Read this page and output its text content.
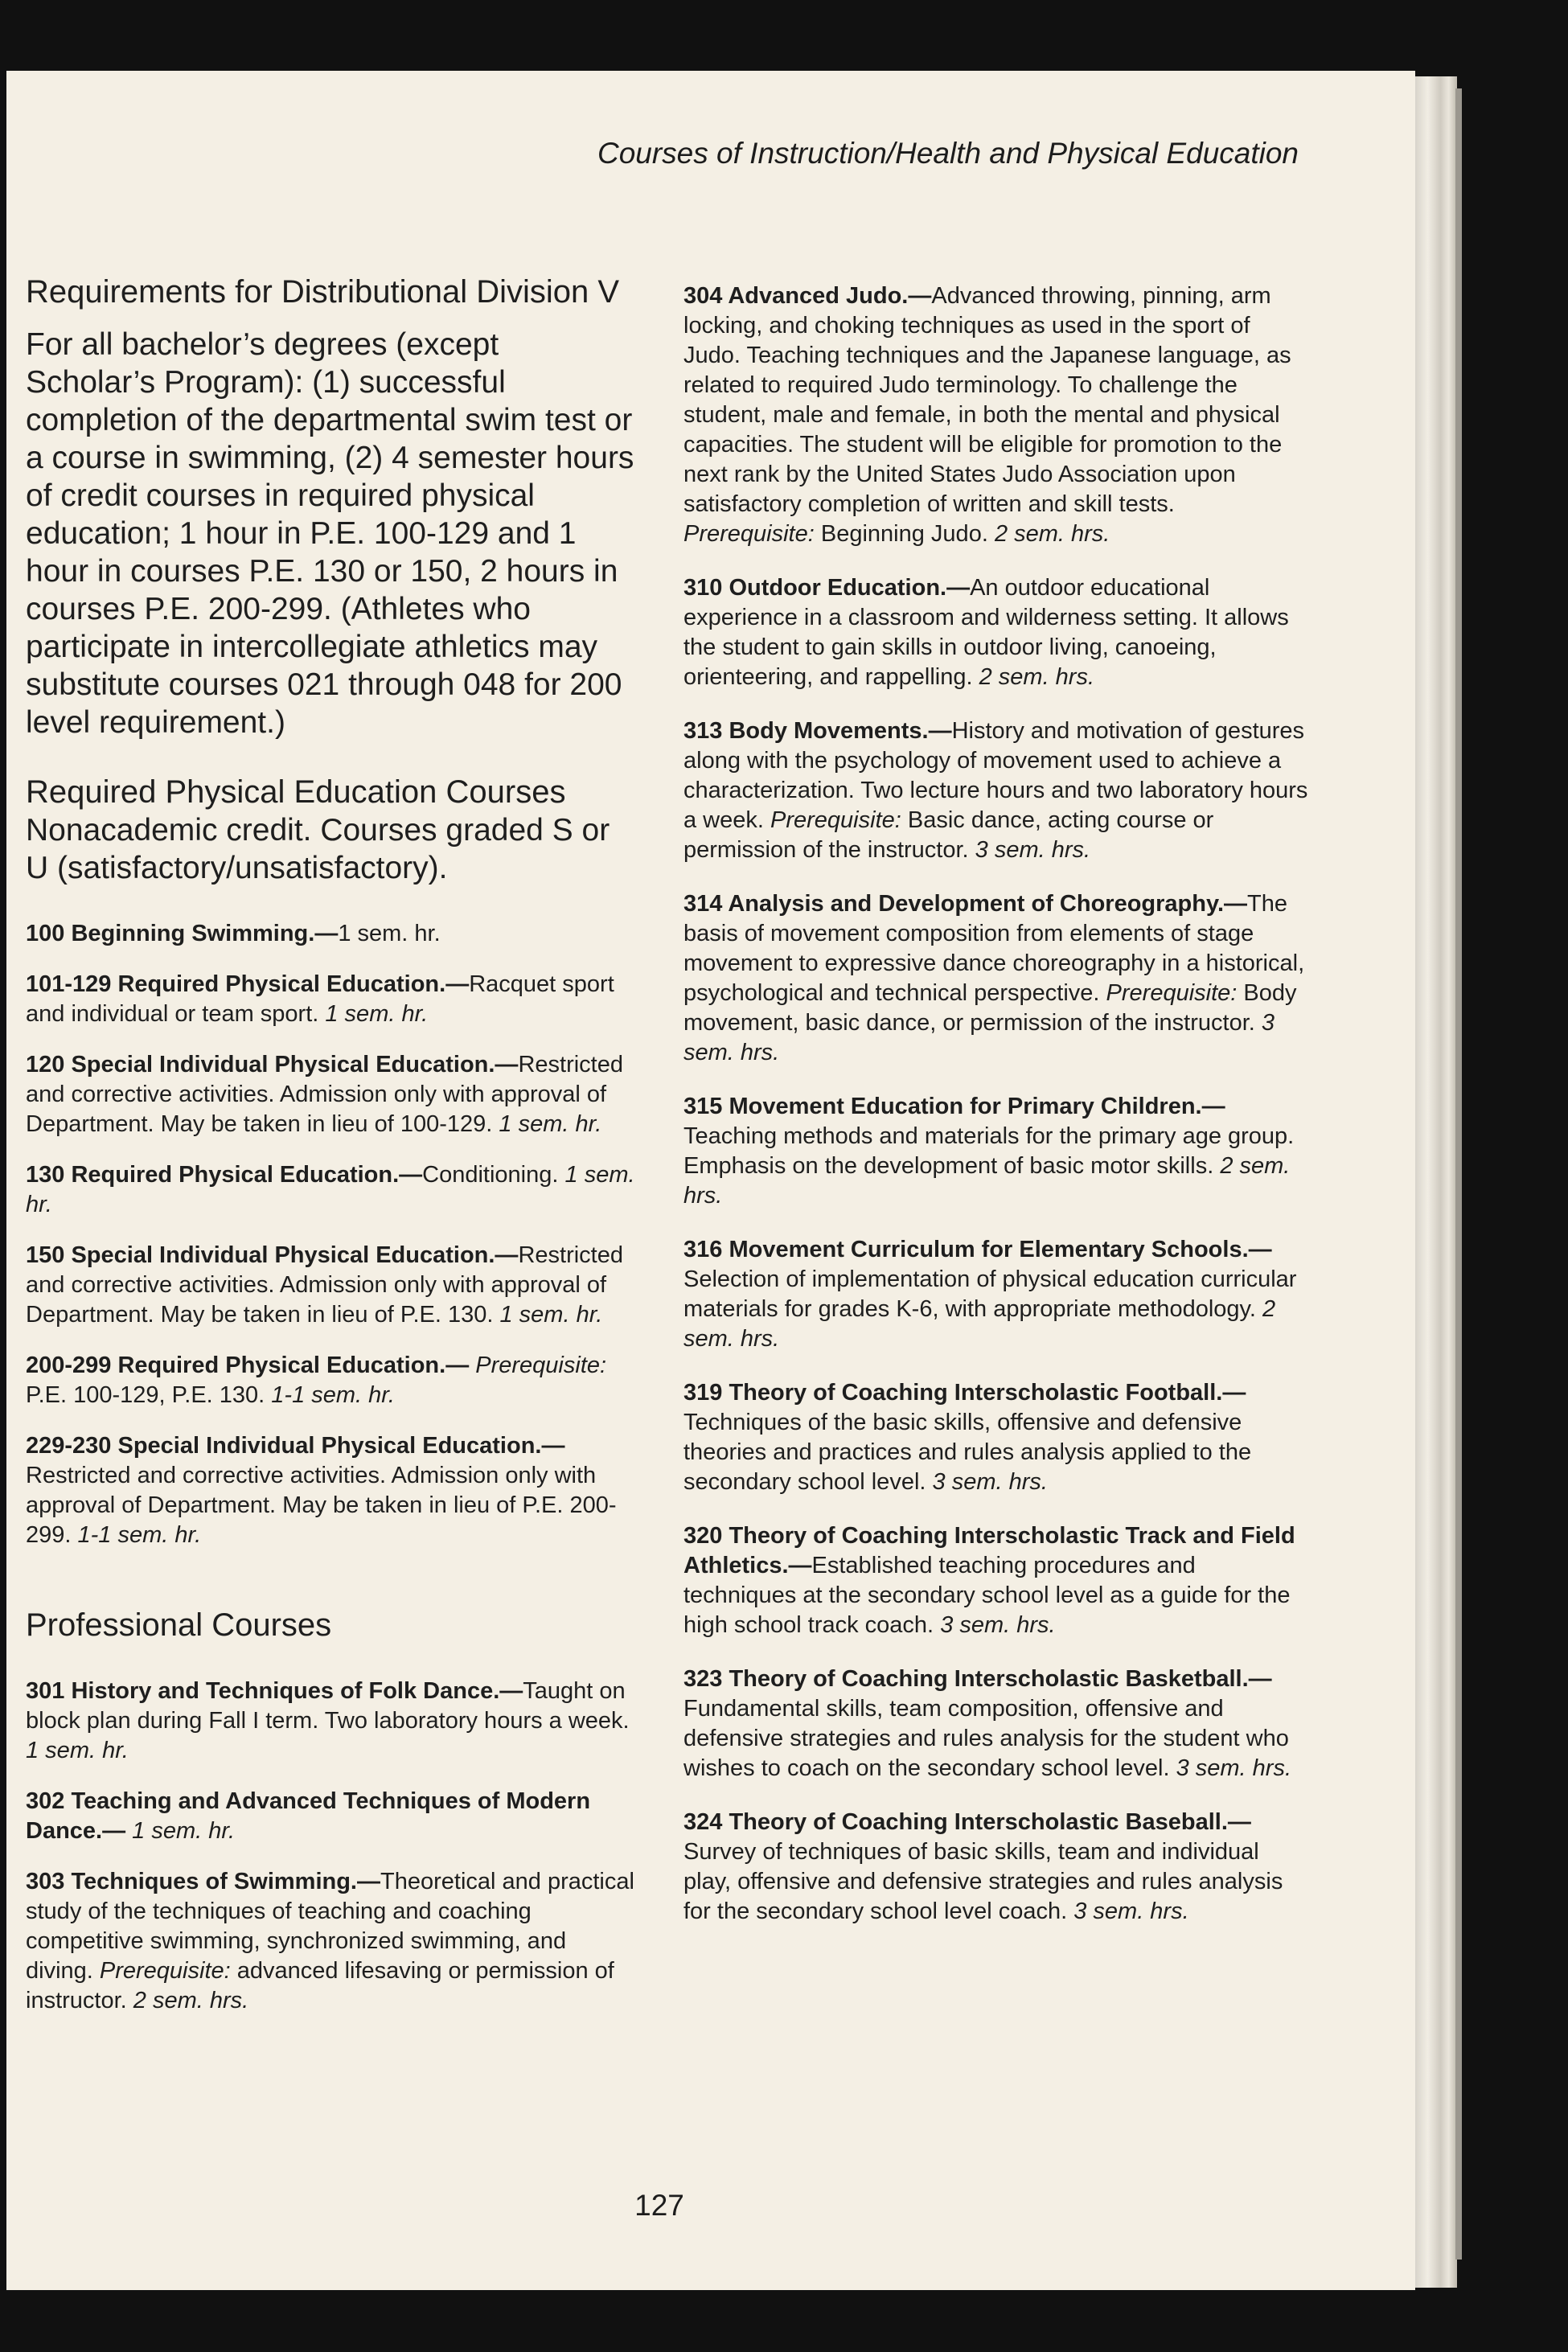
Courses of Instruction/Health and Physical Education
Requirements for Distributional Division V

For all bachelor’s degrees (except Scholar’s Program): (1) successful completion of the departmental swim test or a course in swimming, (2) 4 semester hours of credit courses in required physical education; 1 hour in P.E. 100-129 and 1 hour in courses P.E. 130 or 150, 2 hours in courses P.E. 200-299. (Athletes who participate in intercollegiate athletics may substitute courses 021 through 048 for 200 level requirement.)

Required Physical Education Courses

Nonacademic credit. Courses graded S or U (satisfactory/unsatisfactory).

100 Beginning Swimming.—1 sem. hr.

101-129 Required Physical Education.—Racquet sport and individual or team sport. 1 sem. hr.

120 Special Individual Physical Education.—Restricted and corrective activities. Admission only with approval of Department. May be taken in lieu of 100-129. 1 sem. hr.

130 Required Physical Education.—Conditioning. 1 sem. hr.

150 Special Individual Physical Education.—Restricted and corrective activities. Admission only with approval of Department. May be taken in lieu of P.E. 130. 1 sem. hr.

200-299 Required Physical Education.— Prerequisite: P.E. 100-129, P.E. 130. 1-1 sem. hr.

229-230 Special Individual Physical Education.—Restricted and corrective activities. Admission only with approval of Department. May be taken in lieu of P.E. 200-299. 1-1 sem. hr.

Professional Courses

301 History and Techniques of Folk Dance.—Taught on block plan during Fall I term. Two laboratory hours a week. 1 sem. hr.

302 Teaching and Advanced Techniques of Modern Dance.— 1 sem. hr.

303 Techniques of Swimming.—Theoretical and practical study of the techniques of teaching and coaching competitive swimming, synchronized swimming, and diving. Prerequisite: advanced lifesaving or permission of instructor. 2 sem. hrs.

304 Advanced Judo.—Advanced throwing, pinning, arm locking, and choking techniques as used in the sport of Judo. Teaching techniques and the Japanese language, as related to required Judo terminology. To challenge the student, male and female, in both the mental and physical capacities. The student will be eligible for promotion to the next rank by the United States Judo Association upon satisfactory completion of written and skill tests. Prerequisite: Beginning Judo. 2 sem. hrs.

310 Outdoor Education.—An outdoor educational experience in a classroom and wilderness setting. It allows the student to gain skills in outdoor living, canoeing, orienteering, and rappelling. 2 sem. hrs.

313 Body Movements.—History and motivation of gestures along with the psychology of movement used to achieve a characterization. Two lecture hours and two laboratory hours a week. Prerequisite: Basic dance, acting course or permission of the instructor. 3 sem. hrs.

314 Analysis and Development of Choreography.—The basis of movement composition from elements of stage movement to expressive dance choreography in a historical, psychological and technical perspective. Prerequisite: Body movement, basic dance, or permission of the instructor. 3 sem. hrs.

315 Movement Education for Primary Children.—Teaching methods and materials for the primary age group. Emphasis on the development of basic motor skills. 2 sem. hrs.

316 Movement Curriculum for Elementary Schools.—Selection of implementation of physical education curricular materials for grades K-6, with appropriate methodology. 2 sem. hrs.

319 Theory of Coaching Interscholastic Football.—Techniques of the basic skills, offensive and defensive theories and practices and rules analysis applied to the secondary school level. 3 sem. hrs.

320 Theory of Coaching Interscholastic Track and Field Athletics.—Established teaching procedures and techniques at the secondary school level as a guide for the high school track coach. 3 sem. hrs.

323 Theory of Coaching Interscholastic Basketball.—Fundamental skills, team composition, offensive and defensive strategies and rules analysis for the student who wishes to coach on the secondary school level. 3 sem. hrs.

324 Theory of Coaching Interscholastic Baseball.—Survey of techniques of basic skills, team and individual play, offensive and defensive strategies and rules analysis for the secondary school level coach. 3 sem. hrs.

127
